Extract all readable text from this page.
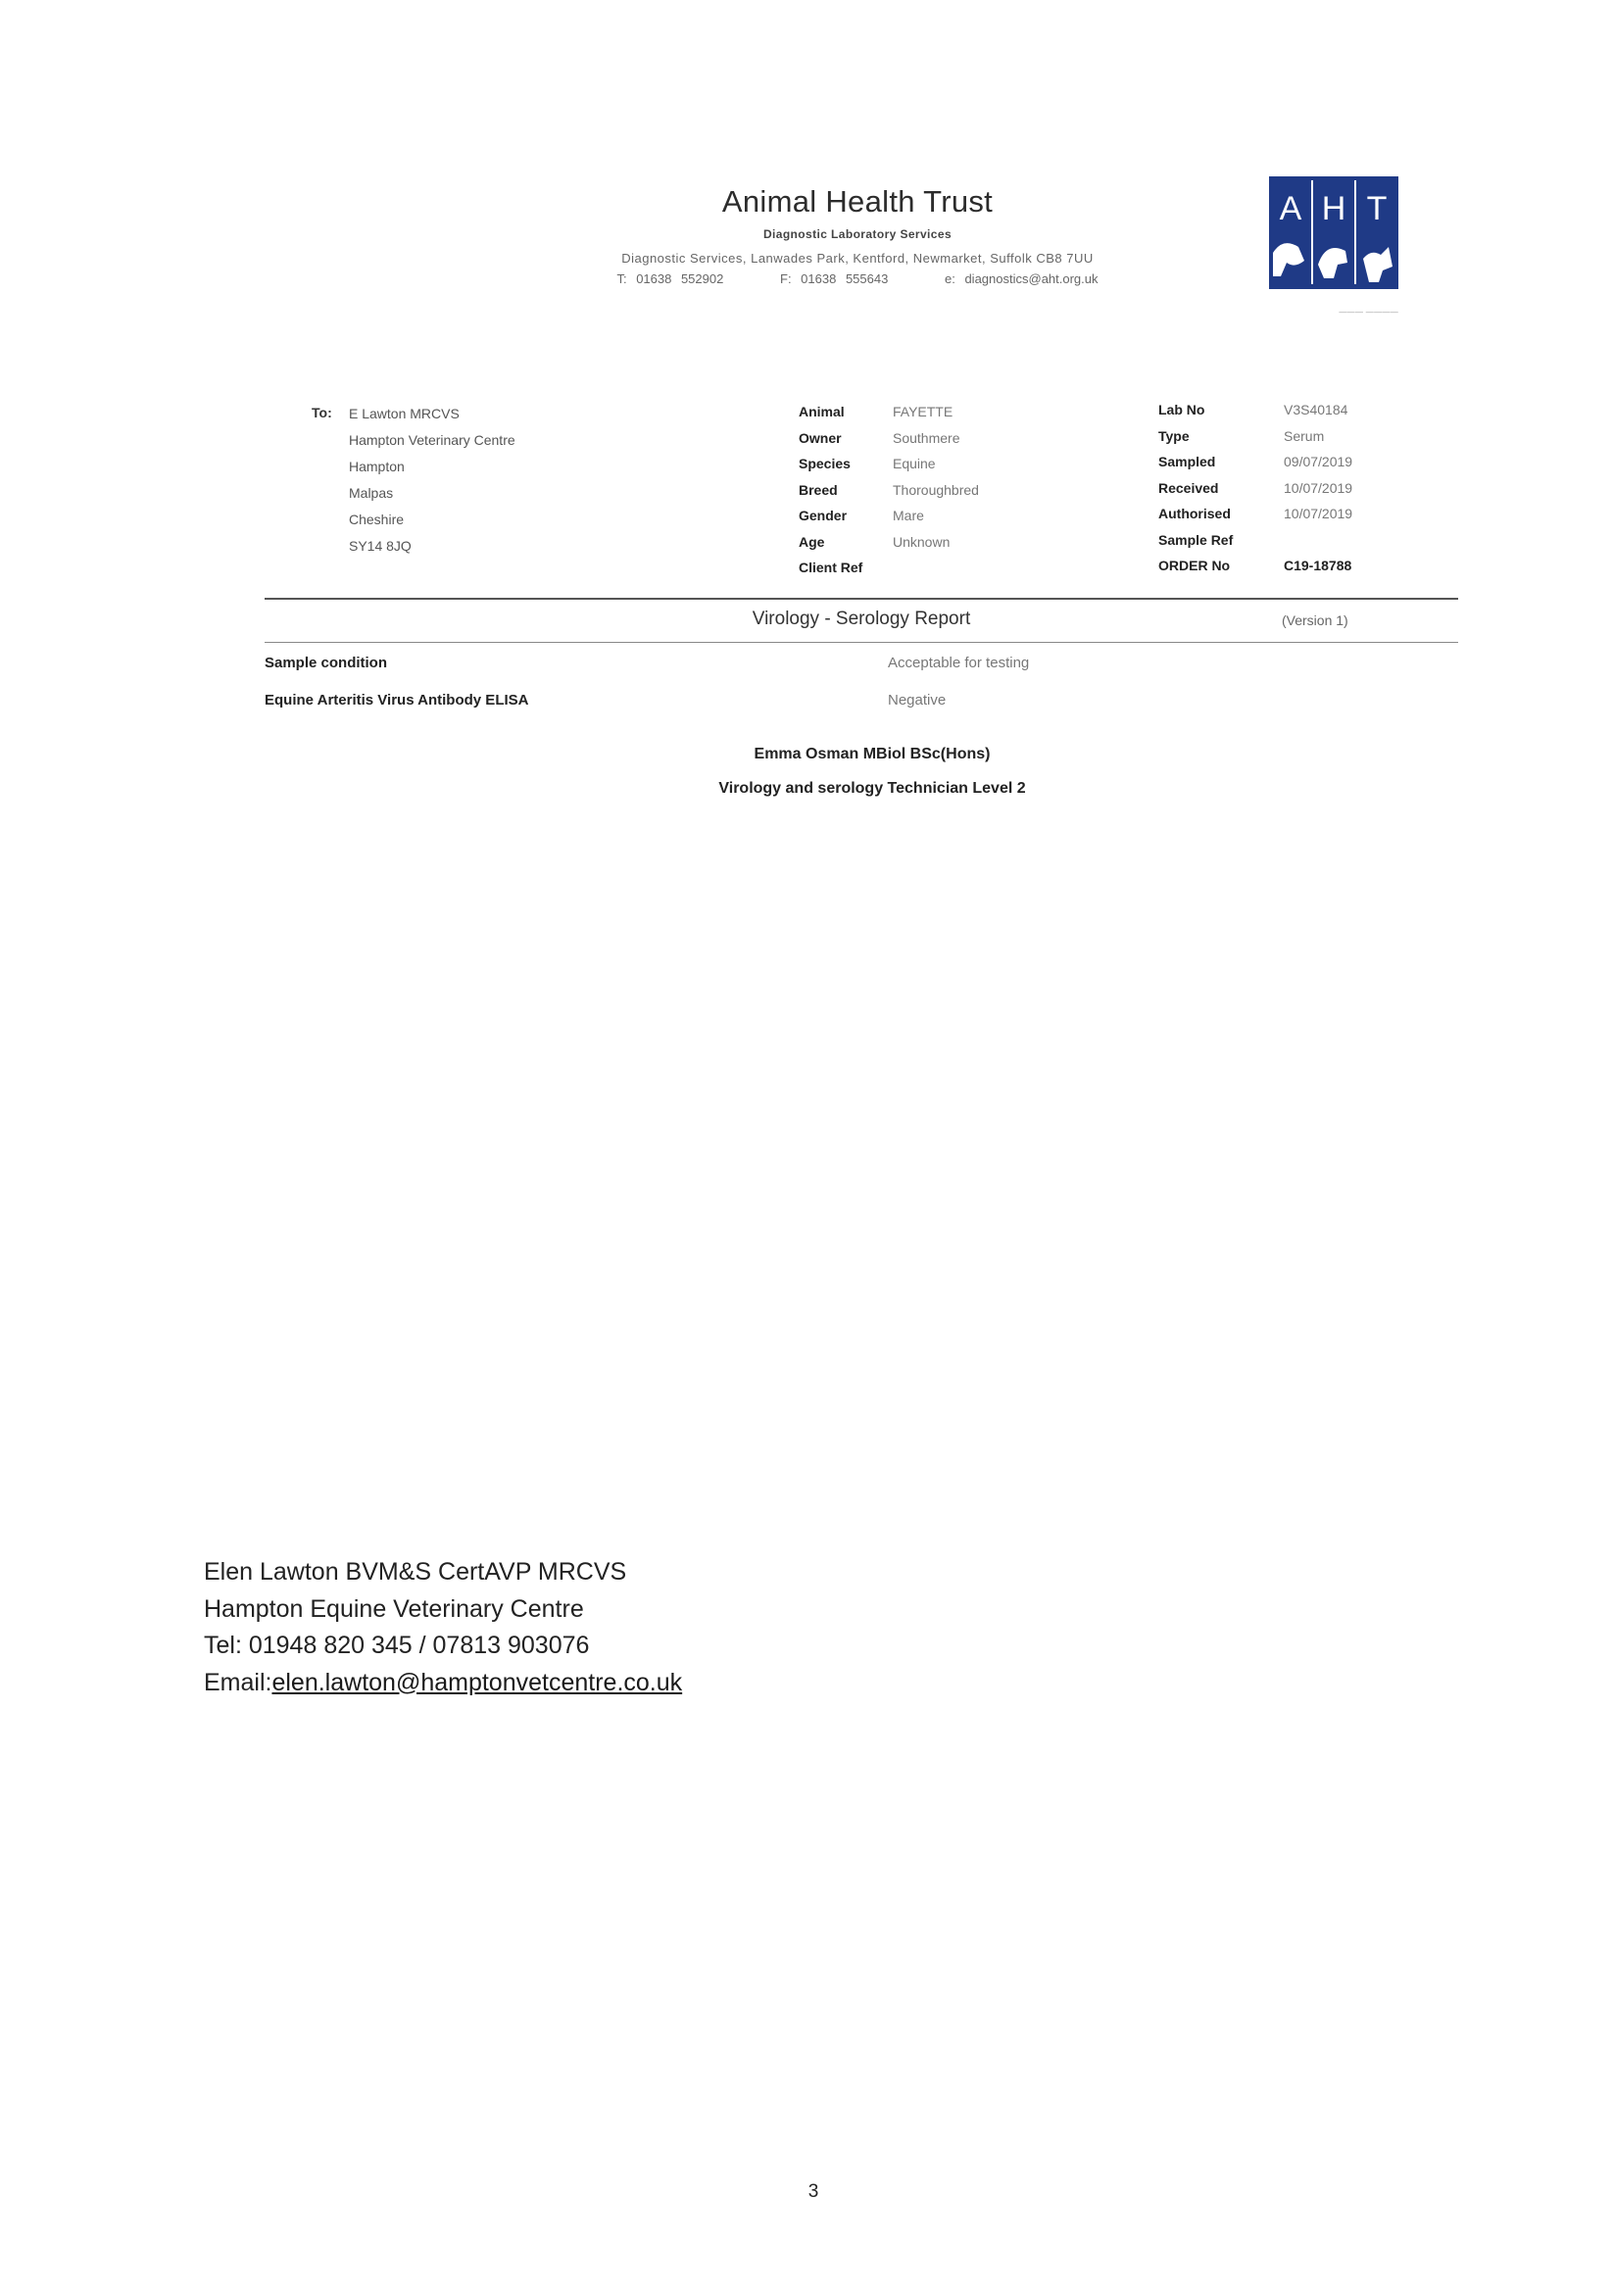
Animal Health Trust
Diagnostic Laboratory Services
Diagnostic Services, Lanwades Park, Kentford, Newmarket, Suffolk CB8 7UU
T: 01638 552902	F: 01638 555643	e: diagnostics@aht.org.uk
A H T
——— ————
To: E Lawton MRCVS
Hampton Veterinary Centre
Hampton
Malpas
Cheshire
SY14 8JQ
Animal	FAYETTE
Owner	Southmere
Species	Equine
Breed	Thoroughbred
Gender	Mare
Age	Unknown
Client Ref
Lab No	V3S40184
Type	Serum
Sampled	09/07/2019
Received	10/07/2019
Authorised	10/07/2019
Sample Ref
ORDER No	C19-18788
Virology - Serology Report	(Version 1)
Sample condition	Acceptable for testing
Equine Arteritis Virus Antibody ELISA	Negative
Emma Osman MBiol BSc(Hons)
Virology and serology Technician Level 2
Elen Lawton BVM&S CertAVP MRCVS
Hampton Equine Veterinary Centre
Tel: 01948 820 345 / 07813 903076
Email:elen.lawton@hamptonvetcentre.co.uk
3
